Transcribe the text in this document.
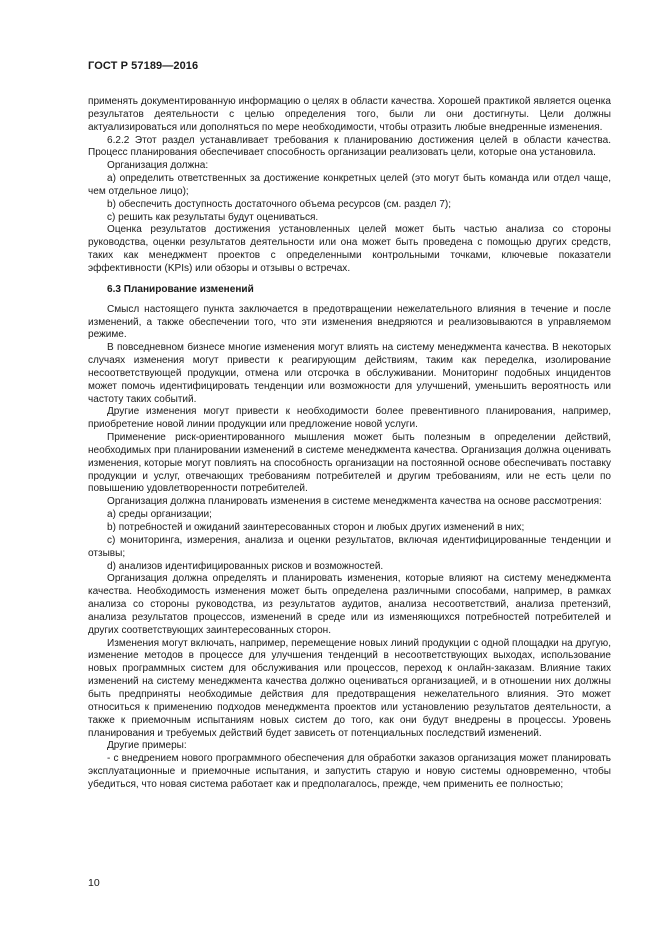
ГОСТ Р 57189—2016

применять документированную информацию о целях в области качества. Хорошей практикой является оценка результатов деятельности с целью определения того, были ли они достигнуты. Цели должны актуализироваться или дополняться по мере необходимости, чтобы отразить любые внедренные изменения.

6.2.2 Этот раздел устанавливает требования к планированию достижения целей в области качества. Процесс планирования обеспечивает способность организации реализовать цели, которые она установила.

Организация должна:

а) определить ответственных за достижение конкретных целей (это могут быть команда или отдел чаще, чем отдельное лицо);

b) обеспечить доступность достаточного объема ресурсов (см. раздел 7);

с) решить как результаты будут оцениваться.

Оценка результатов достижения установленных целей может быть частью анализа со стороны руководства, оценки результатов деятельности или она может быть проведена с помощью других средств, таких как менеджмент проектов с определенными контрольными точками, ключевые показатели эффективности (KPIs) или обзоры и отзывы о встречах.

6.3 Планирование изменений

Смысл настоящего пункта заключается в предотвращении нежелательного влияния в течение и после изменений, а также обеспечении того, что эти изменения внедряются и реализовываются в управляемом режиме.

В повседневном бизнесе многие изменения могут влиять на систему менеджмента качества. В некоторых случаях изменения могут привести к реагирующим действиям, таким как переделка, изолирование несоответствующей продукции, отмена или отсрочка в обслуживании. Мониторинг подобных инцидентов может помочь идентифицировать тенденции или возможности для улучшений, уменьшить вероятность или частоту таких событий.

Другие изменения могут привести к необходимости более превентивного планирования, например, приобретение новой линии продукции или предложение новой услуги.

Применение риск-ориентированного мышления может быть полезным в определении действий, необходимых при планировании изменений в системе менеджмента качества. Организация должна оценивать изменения, которые могут повлиять на способность организации на постоянной основе обеспечивать поставку продукции и услуг, отвечающих требованиям потребителей и другим требованиям, или не есть цели по повышению удовлетворенности потребителей.

Организация должна планировать изменения в системе менеджмента качества на основе рассмотрения:

а) среды организации;

b) потребностей и ожиданий заинтересованных сторон и любых других изменений в них;

с) мониторинга, измерения, анализа и оценки результатов, включая идентифицированные тенденции и отзывы;

d) анализов идентифицированных рисков и возможностей.

Организация должна определять и планировать изменения, которые влияют на систему менеджмента качества. Необходимость изменения может быть определена различными способами, например, в рамках анализа со стороны руководства, из результатов аудитов, анализа несоответствий, анализа претензий, анализа результатов процессов, изменений в среде или из изменяющихся потребностей потребителей и других соответствующих заинтересованных сторон.

Изменения могут включать, например, перемещение новых линий продукции с одной площадки на другую, изменение методов в процессе для улучшения тенденций в несоответствующих выходах, использование новых программных систем для обслуживания или процессов, переход к онлайн-заказам. Влияние таких изменений на систему менеджмента качества должно оцениваться организацией, и в отношении них должны быть предприняты необходимые действия для предотвращения нежелательного влияния. Это может относиться к применению подходов менеджмента проектов или установлению результатов деятельности, а также к приемочным испытаниям новых систем до того, как они будут внедрены в процессы. Уровень планирования и требуемых действий будет зависеть от потенциальных последствий изменений.

Другие примеры:

- с внедрением нового программного обеспечения для обработки заказов организация может планировать эксплуатационные и приемочные испытания, и запустить старую и новую системы одновременно, чтобы убедиться, что новая система работает как и предполагалось, прежде, чем применить ее полностью;

10
